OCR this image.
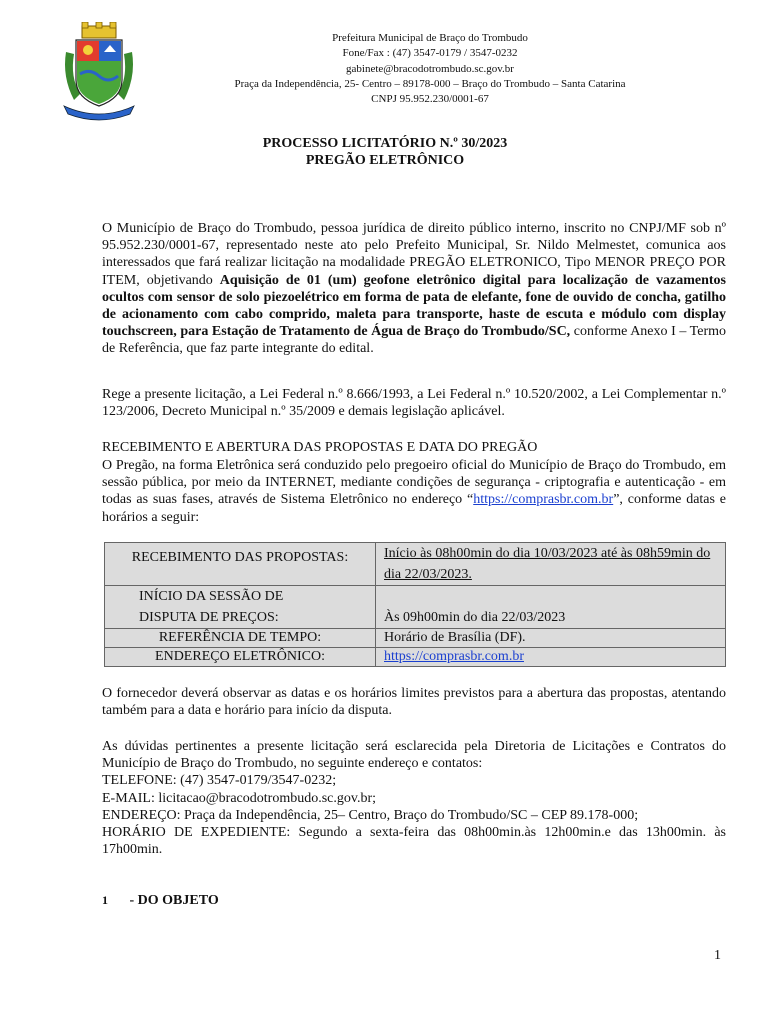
Prefeitura Municipal de Braço do Trombudo
Fone/Fax : (47) 3547-0179 / 3547-0232
gabinete@bracodotrombudo.sc.gov.br
Praça da Independência, 25- Centro – 89178-000 – Braço do Trombudo – Santa Catarina
CNPJ 95.952.230/0001-67
PROCESSO LICITATÓRIO N.º 30/2023
PREGÃO ELETRÔNICO
O Município de Braço do Trombudo, pessoa jurídica de direito público interno, inscrito no CNPJ/MF sob nº 95.952.230/0001-67, representado neste ato pelo Prefeito Municipal, Sr. Nildo Melmestet, comunica aos interessados que fará realizar licitação na modalidade PREGÃO ELETRONICO, Tipo MENOR PREÇO POR ITEM, objetivando Aquisição de 01 (um) geofone eletrônico digital para localização de vazamentos ocultos com sensor de solo piezoelétrico em forma de pata de elefante, fone de ouvido de concha, gatilho de acionamento com cabo comprido, maleta para transporte, haste de escuta e módulo com display touchscreen, para Estação de Tratamento de Água de Braço do Trombudo/SC, conforme Anexo I – Termo de Referência, que faz parte integrante do edital.
Rege a presente licitação, a Lei Federal n.º 8.666/1993, a Lei Federal n.º 10.520/2002, a Lei Complementar n.º 123/2006, Decreto Municipal n.º 35/2009 e demais legislação aplicável.
RECEBIMENTO E ABERTURA DAS PROPOSTAS E DATA DO PREGÃO
O Pregão, na forma Eletrônica será conduzido pelo pregoeiro oficial do Município de Braço do Trombudo, em sessão pública, por meio da INTERNET, mediante condições de segurança - criptografia e autenticação - em todas as suas fases, através de Sistema Eletrônico no endereço “https://comprasbr.com.br”, conforme datas e horários a seguir:
RECEBIMENTO DAS PROPOSTAS:	Início às 08h00min do dia 10/03/2023 até às 08h59min do dia 22/03/2023.

INÍCIO DA SESSÃO DE DISPUTA DE PREÇOS:	Às 09h00min do dia 22/03/2023
REFERÊNCIA DE TEMPO:	Horário de Brasília (DF).
ENDEREÇO ELETRÔNICO:	https://comprasbr.com.br
O fornecedor deverá observar as datas e os horários limites previstos para a abertura das propostas, atentando também para a data e horário para início da disputa.
As dúvidas pertinentes a presente licitação será esclarecida pela Diretoria de Licitações e Contratos do Município de Braço do Trombudo, no seguinte endereço e contatos:
TELEFONE: (47) 3547-0179/3547-0232;
E-MAIL: licitacao@bracodotrombudo.sc.gov.br;
ENDEREÇO: Praça da Independência, 25– Centro, Braço do Trombudo/SC – CEP 89.178-000;
HORÁRIO DE EXPEDIENTE: Segundo a sexta-feira das 08h00min.às 12h00min.e das 13h00min. às 17h00min.
1 - DO OBJETO
1
